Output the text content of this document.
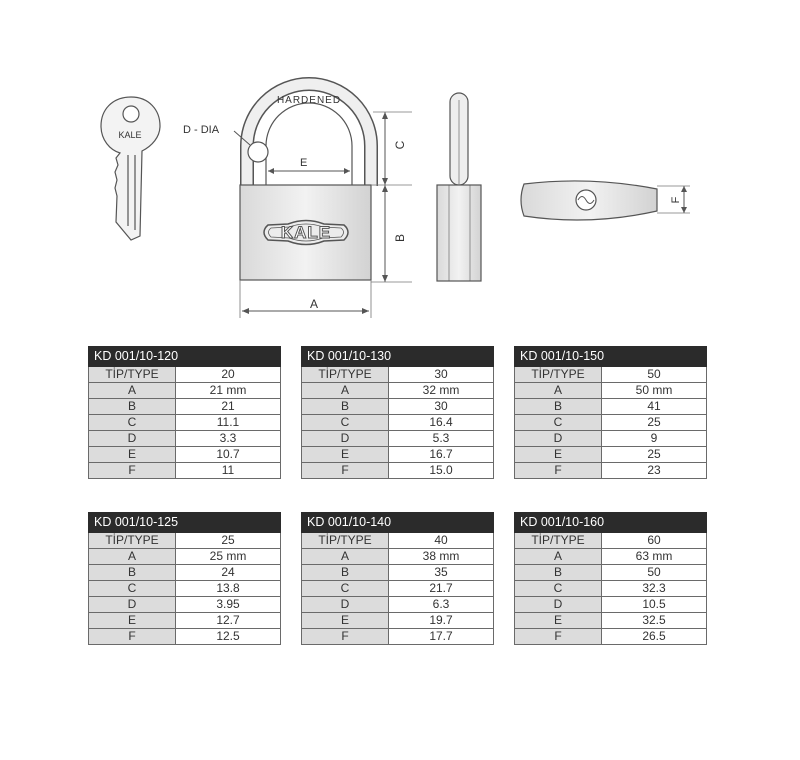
KALE
HARDENED
D - DIA
E
KALE
C
B
A
F
KD 001/10-120	
TİP/TYPE	20
A	21 mm
B	21
C	11.1
D	3.3
E	10.7
F	11
KD 001/10-130	
TİP/TYPE	30
A	32 mm
B	30
C	16.4
D	5.3
E	16.7
F	15.0
KD 001/10-150	
TİP/TYPE	50
A	50 mm
B	41
C	25
D	9
E	25
F	23
KD 001/10-125	
TİP/TYPE	25
A	25 mm
B	24
C	13.8
D	3.95
E	12.7
F	12.5
KD 001/10-140	
TİP/TYPE	40
A	38 mm
B	35
C	21.7
D	6.3
E	19.7
F	17.7
KD 001/10-160	
TİP/TYPE	60
A	63 mm
B	50
C	32.3
D	10.5
E	32.5
F	26.5
